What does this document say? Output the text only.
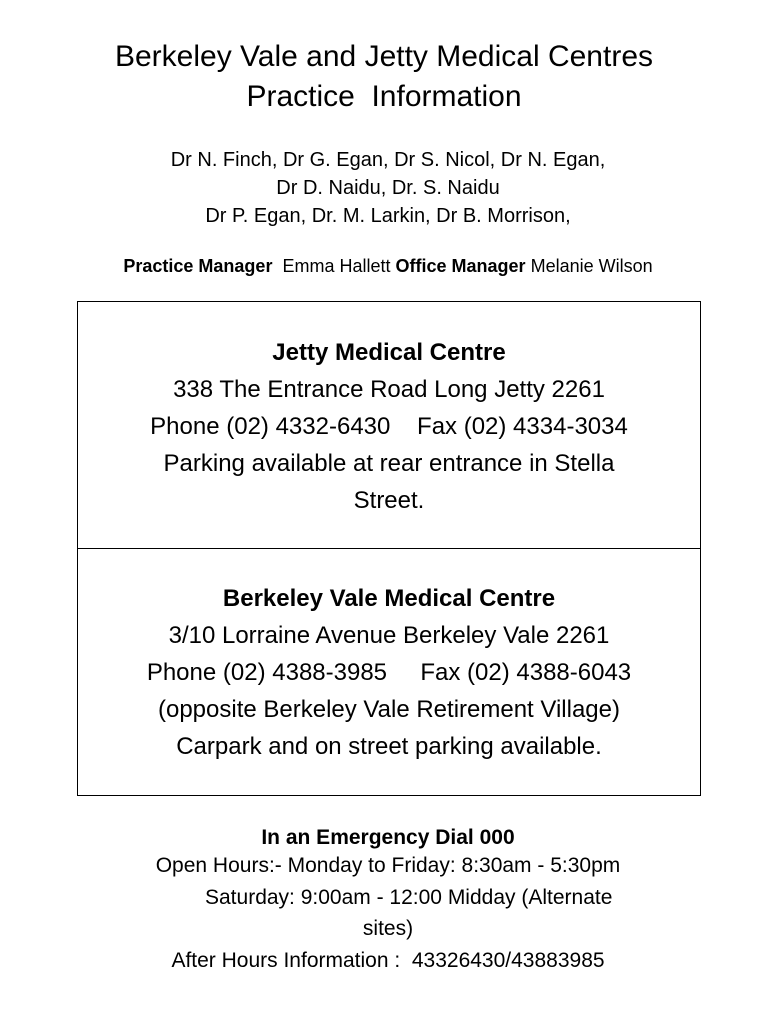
Berkeley Vale and Jetty Medical Centres
Practice  Information
Dr N. Finch, Dr G. Egan, Dr S. Nicol, Dr N. Egan,
Dr D. Naidu, Dr. S. Naidu
Dr P. Egan, Dr. M. Larkin, Dr B. Morrison,
Practice Manager Emma Hallett Office Manager Melanie Wilson
Jetty Medical Centre
338 The Entrance Road Long Jetty 2261
Phone (02) 4332-6430    Fax (02) 4334-3034
Parking available at rear entrance in Stella
Street.
Berkeley Vale Medical Centre
3/10 Lorraine Avenue Berkeley Vale 2261
Phone (02) 4388-3985     Fax (02) 4388-6043
(opposite Berkeley Vale Retirement Village)
Carpark and on street parking available.
In an Emergency Dial 000
Open Hours:- Monday to Friday: 8:30am - 5:30pm
Saturday: 9:00am - 12:00 Midday (Alternate
sites)
After Hours Information :  43326430/43883985
